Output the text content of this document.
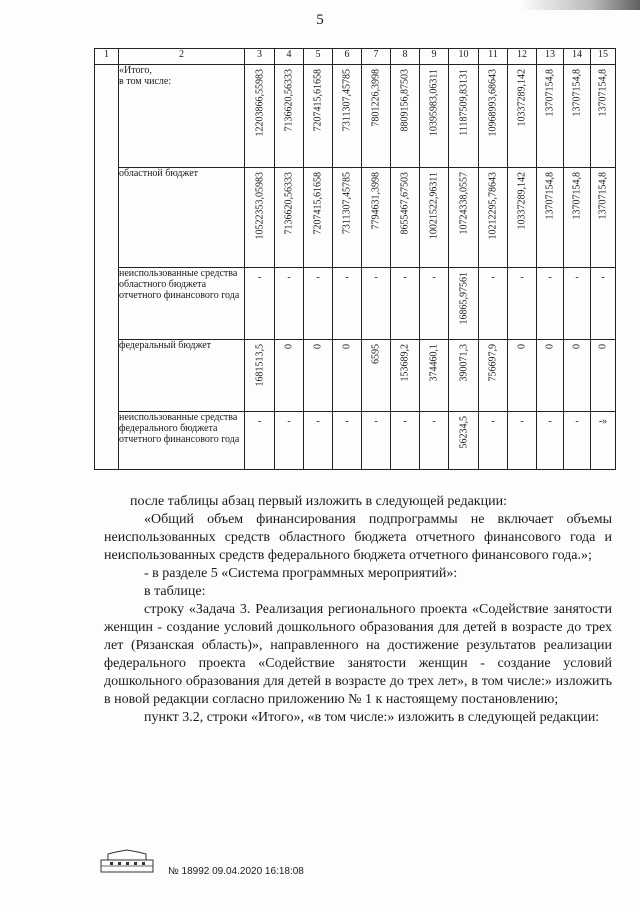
5
1	2	3	4	5	6	7	8	9	10	11	12	13	14	15
	«Итого,
в том числе:	12203866,55983	7136620,56333	7207415,61658	7311307,45785	7801226,3998	8809156,87503	10395983,06311	11187509,83131	10968993,68643	10337289,142	13707154,8	13707154,8	13707154,8

	областной бюджет	10522353,05983	7136620,56333	7207415,61658	7311307,45785	7794631,3998	8655467,67503	10021522,96311	10724338,0557	10212295,78643	10337289,142	13707154,8	13707154,8	13707154,8

	неиспользованные средства областного бюджета отчетного финансового года	-	-	-	-	-	-	-	16865,97561	-	-	-	-	-

	федеральный бюджет	1681513,5	0	0	0	6595	153689,2	374460,1	390071,3	756697,9	0	0	0	0

	неиспользованные средства федерального бюджета отчетного финансового года	-	-	-	-	-	-	-	56234,5	-	-	-	-	-»

после таблицы абзац первый изложить в следующей редакции:

«Общий объем финансирования подпрограммы не включает объемы неиспользованных средств областного бюджета отчетного финансового года и неиспользованных средств федерального бюджета отчетного финансового года.»;

- в разделе 5 «Система программных мероприятий»:

в таблице:

строку «Задача 3. Реализация регионального проекта «Содействие занятости женщин - создание условий дошкольного образования для детей в возрасте до трех лет (Рязанская область)», направленного на достижение результатов реализации федерального проекта «Содействие занятости женщин - создание условий дошкольного образования для детей в возрасте до трех лет», в том числе:» изложить в новой редакции согласно приложению № 1 к настоящему постановлению;

пункт 3.2, строки «Итого», «в том числе:» изложить в следующей редакции:

№ 18992 09.04.2020 16:18:08
